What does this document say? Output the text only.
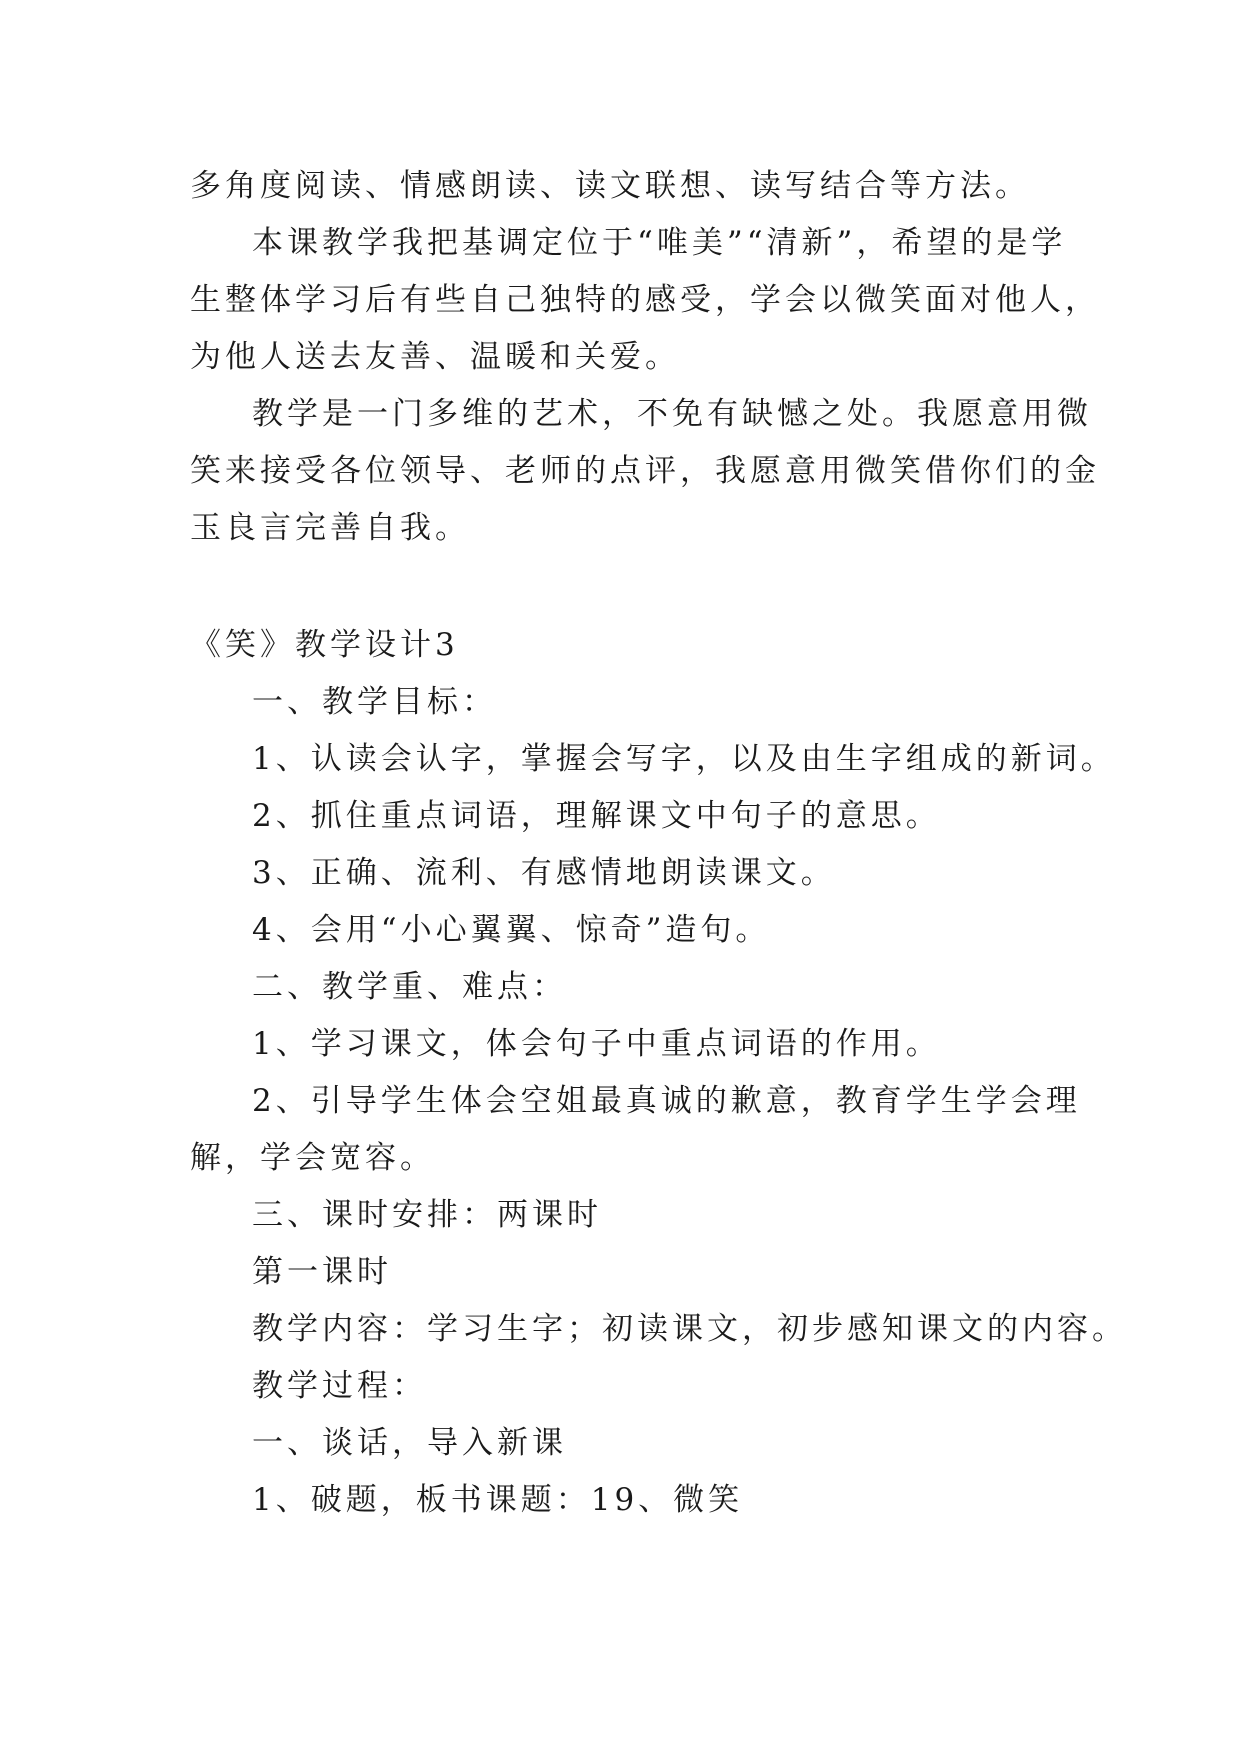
多角度阅读、情感朗读、读文联想、读写结合等方法。
本课教学我把基调定位于“唯美”“清新”，希望的是学
生整体学习后有些自己独特的感受，学会以微笑面对他人，
为他人送去友善、温暖和关爱。
教学是一门多维的艺术，不免有缺憾之处。我愿意用微
笑来接受各位领导、老师的点评，我愿意用微笑借你们的金
玉良言完善自我。
《笑》教学设计3
一、教学目标：
1、认读会认字，掌握会写字，以及由生字组成的新词。
2、抓住重点词语，理解课文中句子的意思。
3、正确、流利、有感情地朗读课文。
4、会用“小心翼翼、惊奇”造句。
二、教学重、难点：
1、学习课文，体会句子中重点词语的作用。
2、引导学生体会空姐最真诚的歉意，教育学生学会理
解，学会宽容。
三、课时安排：两课时
第一课时
教学内容：学习生字；初读课文，初步感知课文的内容。
教学过程：
一、谈话，导入新课
1、破题，板书课题：19、微笑
